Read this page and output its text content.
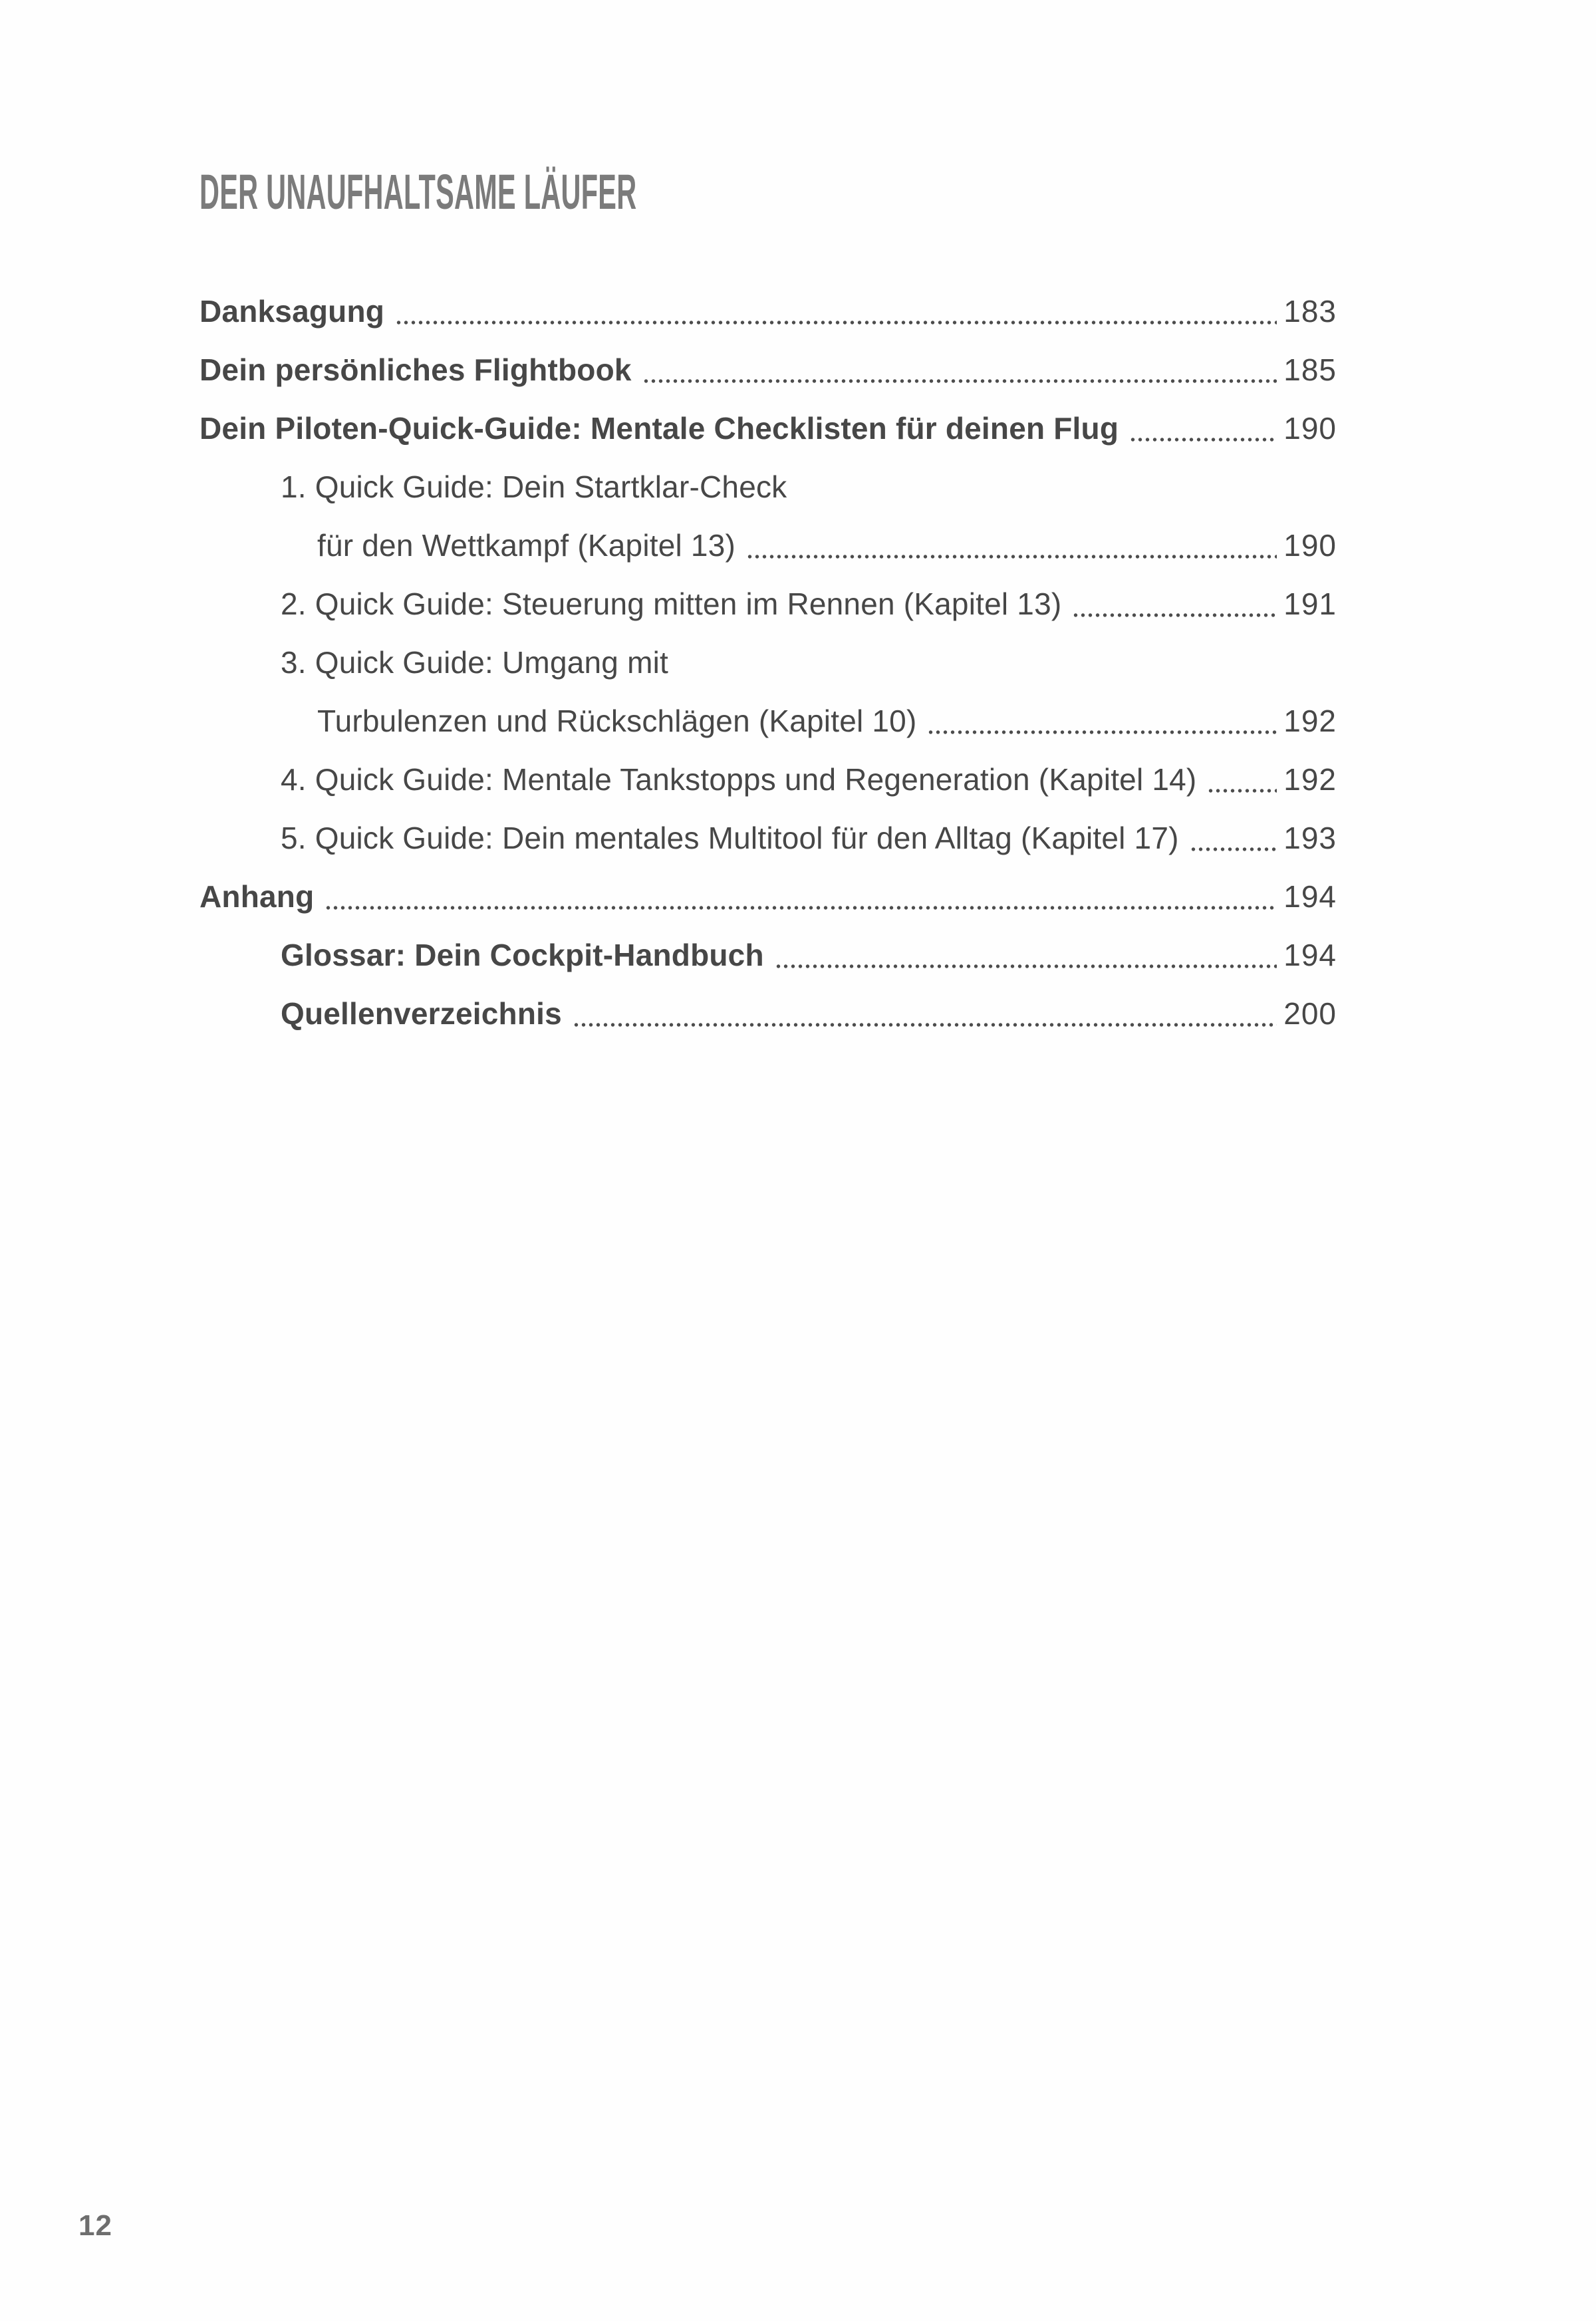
DER UNAUFHALTSAME LÄUFER
Danksagung	183
Dein persönliches Flightbook	185
Dein Piloten-Quick-Guide: Mentale Checklisten für deinen Flug	190
1. Quick Guide: Dein Startklar-Check
für den Wettkampf (Kapitel 13)	190
2. Quick Guide: Steuerung mitten im Rennen (Kapitel 13)	191
3. Quick Guide: Umgang mit
Turbulenzen und Rückschlägen (Kapitel 10)	192
4. Quick Guide: Mentale Tankstopps und Regeneration (Kapitel 14)	192
5. Quick Guide: Dein mentales Multitool für den Alltag (Kapitel 17)	193
Anhang	194
Glossar: Dein Cockpit-Handbuch	194
Quellenverzeichnis	200
12
